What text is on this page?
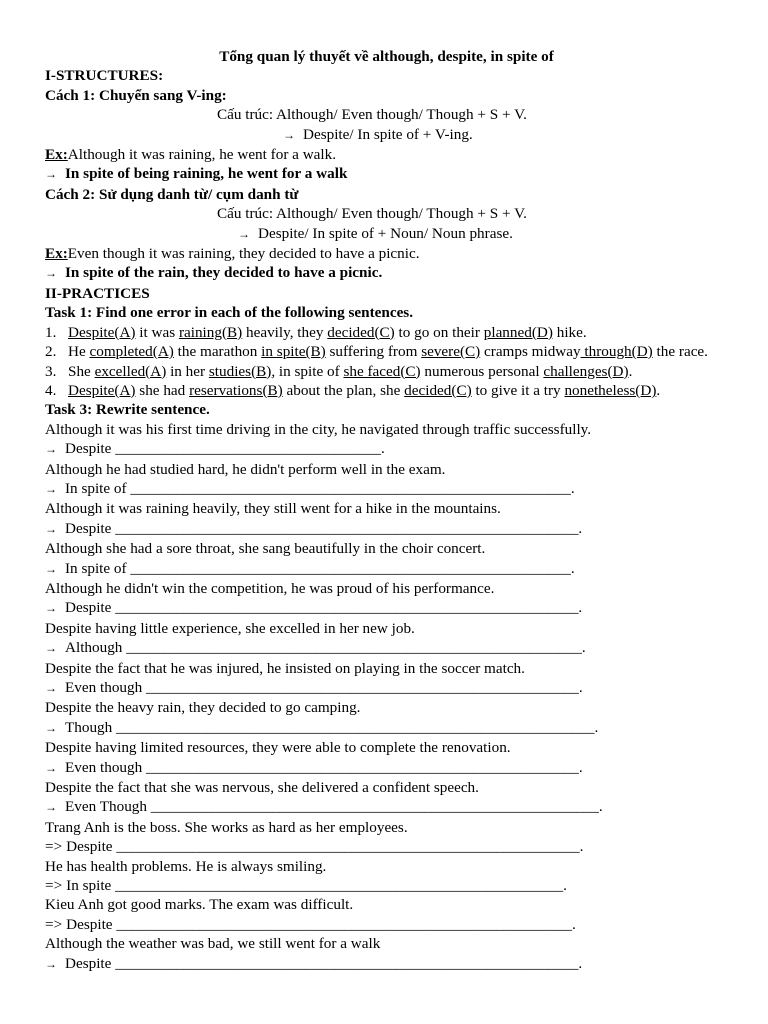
Tổng quan lý thuyết về although, despite, in spite of
I-STRUCTURES:
Cách 1: Chuyển sang V-ing:
Cấu trúc: Although/ Even though/ Though + S + V.
→ Despite/ In spite of + V-ing.
Ex:Although it was raining, he went for a walk.
→ In spite of being raining, he went for a walk
Cách 2: Sử dụng danh từ/ cụm danh từ
Cấu trúc: Although/ Even though/ Though + S + V.
→ Despite/ In spite of + Noun/ Noun phrase.
Ex:Even though it was raining, they decided to have a picnic.
→ In spite of the rain, they decided to have a picnic.
II-PRACTICES
Task 1: Find one error in each of the following sentences.
1. Despite(A) it was raining(B) heavily, they decided(C) to go on their planned(D) hike.
2. He completed(A) the marathon in spite(B) suffering from severe(C) cramps midway through(D) the race.
3. She excelled(A) in her studies(B), in spite of she faced(C) numerous personal challenges(D).
4. Despite(A) she had reservations(B) about the plan, she decided(C) to give it a try nonetheless(D).
Task 3: Rewrite sentence.
Although it was his first time driving in the city, he navigated through traffic successfully.
→ Despite ___________________________________.
Although he had studied hard, he didn't perform well in the exam.
→ In spite of __________________________________________________________.
Although it was raining heavily, they still went for a hike in the mountains.
→ Despite _____________________________________________________________.
Although she had a sore throat, she sang beautifully in the choir concert.
→ In spite of __________________________________________________________.
Although he didn't win the competition, he was proud of his performance.
→ Despite _____________________________________________________________.
Despite having little experience, she excelled in her new job.
→ Although ____________________________________________________________.
Despite the fact that he was injured, he insisted on playing in the soccer match.
→ Even though _________________________________________________________.
Despite the heavy rain, they decided to go camping.
→ Though _______________________________________________________________.
Despite having limited resources, they were able to complete the renovation.
→ Even though _________________________________________________________.
Despite the fact that she was nervous, she delivered a confident speech.
→ Even Though ___________________________________________________________.
Trang Anh is the boss. She works as hard as her employees.
=> Despite _____________________________________________________________.
He has health problems. He is always smiling.
=> In spite ___________________________________________________________.
Kieu Anh got good marks. The exam was difficult.
=> Despite ____________________________________________________________.
Although the weather was bad, we still went for a walk
→ Despite _____________________________________________________________.
